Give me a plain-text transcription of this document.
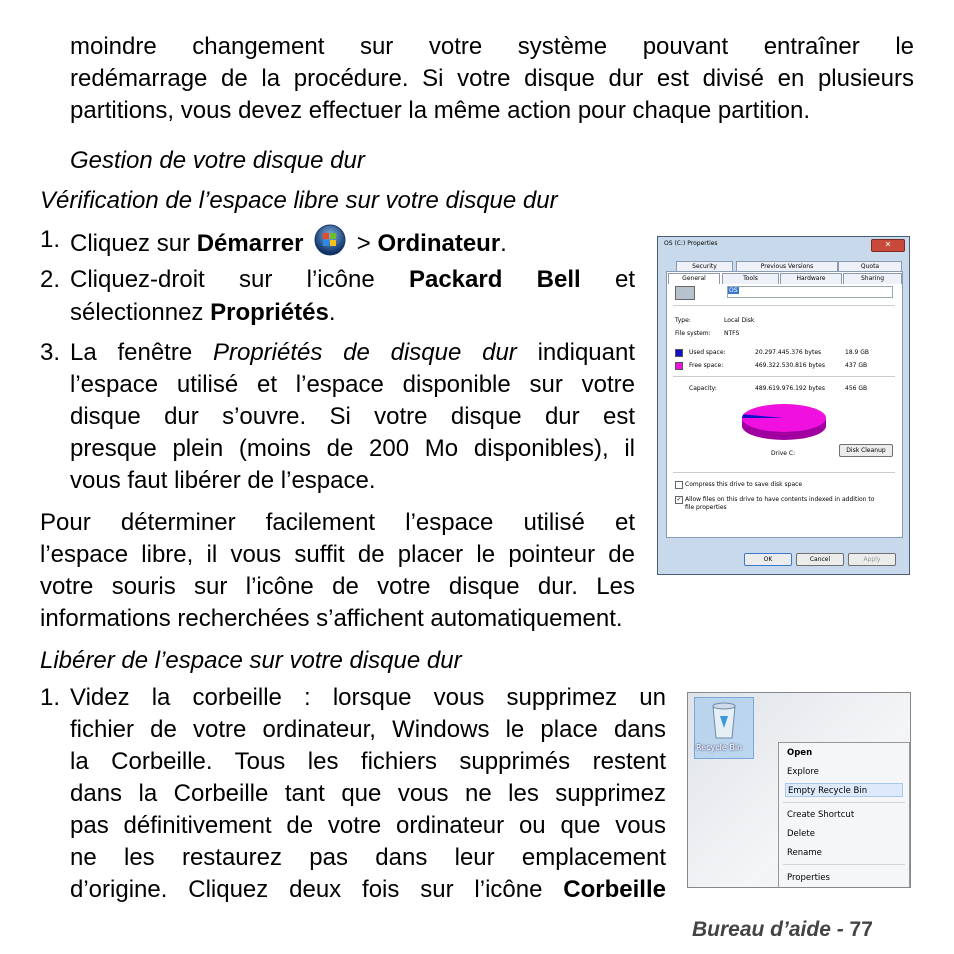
moindre changement sur votre système pouvant entraîner le

redémarrage de la procédure. Si votre disque dur est divisé en plusieurs

partitions, vous devez effectuer la même action pour chaque partition.

Gestion de votre disque dur

Vérification de l’espace libre sur votre disque dur

1. Cliquez sur Démarrer  > Ordinateur.
2. Cliquez-droit sur l’icône Packard Bell et
sélectionnez Propriétés.
3. La fenêtre Propriétés de disque dur indiquant

l’espace utilisé et l’espace disponible sur votre

disque dur s’ouvre. Si votre disque dur est

presque plein (moins de 200 Mo disponibles), il

vous faut libérer de l’espace.

Pour déterminer facilement l’espace utilisé et

l’espace libre, il vous suffit de placer le pointeur de

votre souris sur l’icône de votre disque dur. Les

informations recherchées s’affichent automatiquement.

Libérer de l’espace sur votre disque dur

1. Videz la corbeille : lorsque vous supprimez un

fichier de votre ordinateur, Windows le place dans

la Corbeille. Tous les fichiers supprimés restent

dans la Corbeille tant que vous ne les supprimez

pas définitivement de votre ordinateur ou que vous

ne les restaurez pas dans leur emplacement

d’origine. Cliquez deux fois sur l’icône Corbeille
Bureau d’aide - 77
OS (C:) Properties	✕
Security	Previous Versions	Quota
General	Tools	Hardware	Sharing
OS
Type:	Local Disk
File system: NTFS
Used space:	20.297.445.376 bytes	18.9 GB
Free space:	469.322.530.816 bytes	437 GB
Capacity:	489.619.976.192 bytes	456 GB
Drive C:	Disk Cleanup
Compress this drive to save disk space
✓ Allow files on this drive to have contents indexed in addition to
file properties
OK	Cancel	Apply
Recycle Bin
Open
Explore
Empty Recycle Bin
Create Shortcut
Delete
Rename
Properties
